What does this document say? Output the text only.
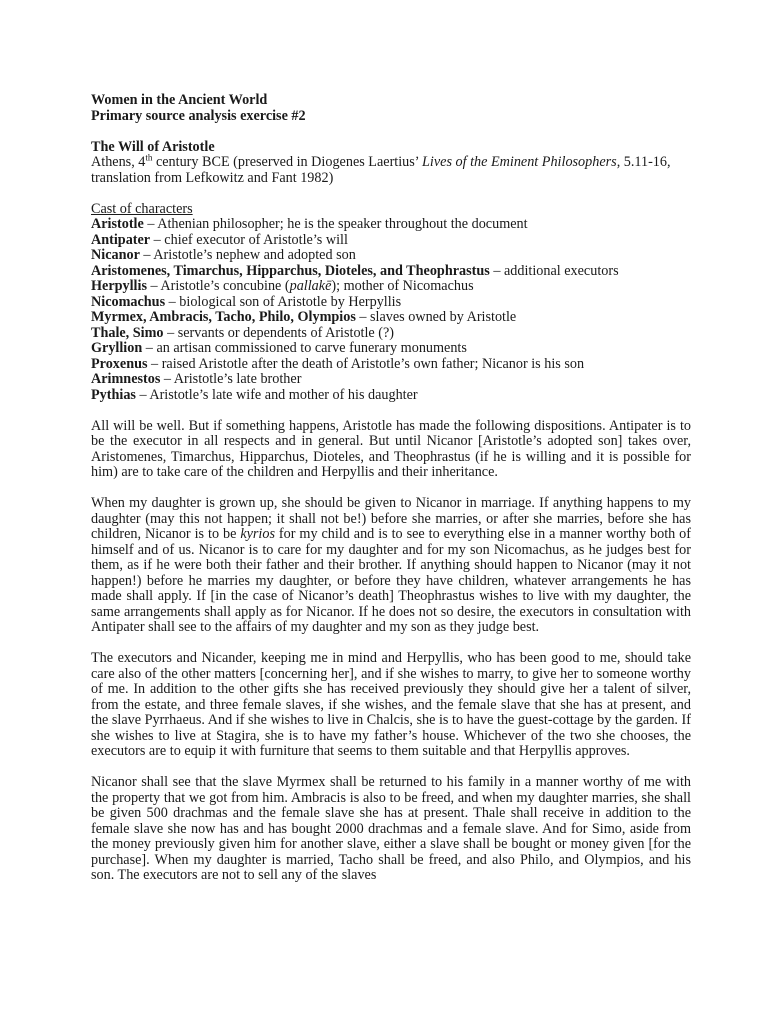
Women in the Ancient World

Primary source analysis exercise #2

The Will of Aristotle

Athens, 4th century BCE (preserved in Diogenes Laertius’ Lives of the Eminent Philosophers, 5.11-16, translation from Lefkowitz and Fant 1982)

Cast of characters

Aristotle – Athenian philosopher; he is the speaker throughout the document

Antipater – chief executor of Aristotle’s will

Nicanor – Aristotle’s nephew and adopted son

Aristomenes, Timarchus, Hipparchus, Dioteles, and Theophrastus – additional executors

Herpyllis – Aristotle’s concubine (pallakē); mother of Nicomachus

Nicomachus – biological son of Aristotle by Herpyllis

Myrmex, Ambracis, Tacho, Philo, Olympios – slaves owned by Aristotle

Thale, Simo – servants or dependents of Aristotle (?)

Gryllion – an artisan commissioned to carve funerary monuments

Proxenus – raised Aristotle after the death of Aristotle’s own father; Nicanor is his son

Arimnestos – Aristotle’s late brother

Pythias – Aristotle’s late wife and mother of his daughter

All will be well. But if something happens, Aristotle has made the following dispositions. Antipater is to be the executor in all respects and in general. But until Nicanor [Aristotle’s adopted son] takes over, Aristomenes, Timarchus, Hipparchus, Dioteles, and Theophrastus (if he is willing and it is possible for him) are to take care of the children and Herpyllis and their inheritance.

When my daughter is grown up, she should be given to Nicanor in marriage. If anything happens to my daughter (may this not happen; it shall not be!) before she marries, or after she marries, before she has children, Nicanor is to be kyrios for my child and is to see to everything else in a manner worthy both of himself and of us. Nicanor is to care for my daughter and for my son Nicomachus, as he judges best for them, as if he were both their father and their brother. If anything should happen to Nicanor (may it not happen!) before he marries my daughter, or before they have children, whatever arrangements he has made shall apply. If [in the case of Nicanor’s death] Theophrastus wishes to live with my daughter, the same arrangements shall apply as for Nicanor. If he does not so desire, the executors in consultation with Antipater shall see to the affairs of my daughter and my son as they judge best.

The executors and Nicander, keeping me in mind and Herpyllis, who has been good to me, should take care also of the other matters [concerning her], and if she wishes to marry, to give her to someone worthy of me. In addition to the other gifts she has received previously they should give her a talent of silver, from the estate, and three female slaves, if she wishes, and the female slave that she has at present, and the slave Pyrrhaeus. And if she wishes to live in Chalcis, she is to have the guest-cottage by the garden. If she wishes to live at Stagira, she is to have my father’s house. Whichever of the two she chooses, the executors are to equip it with furniture that seems to them suitable and that Herpyllis approves.

Nicanor shall see that the slave Myrmex shall be returned to his family in a manner worthy of me with the property that we got from him. Ambracis is also to be freed, and when my daughter marries, she shall be given 500 drachmas and the female slave she has at present. Thale shall receive in addition to the female slave she now has and has bought 2000 drachmas and a female slave. And for Simo, aside from the money previously given him for another slave, either a slave shall be bought or money given [for the purchase]. When my daughter is married, Tacho shall be freed, and also Philo, and Olympios, and his son. The executors are not to sell any of the slaves
